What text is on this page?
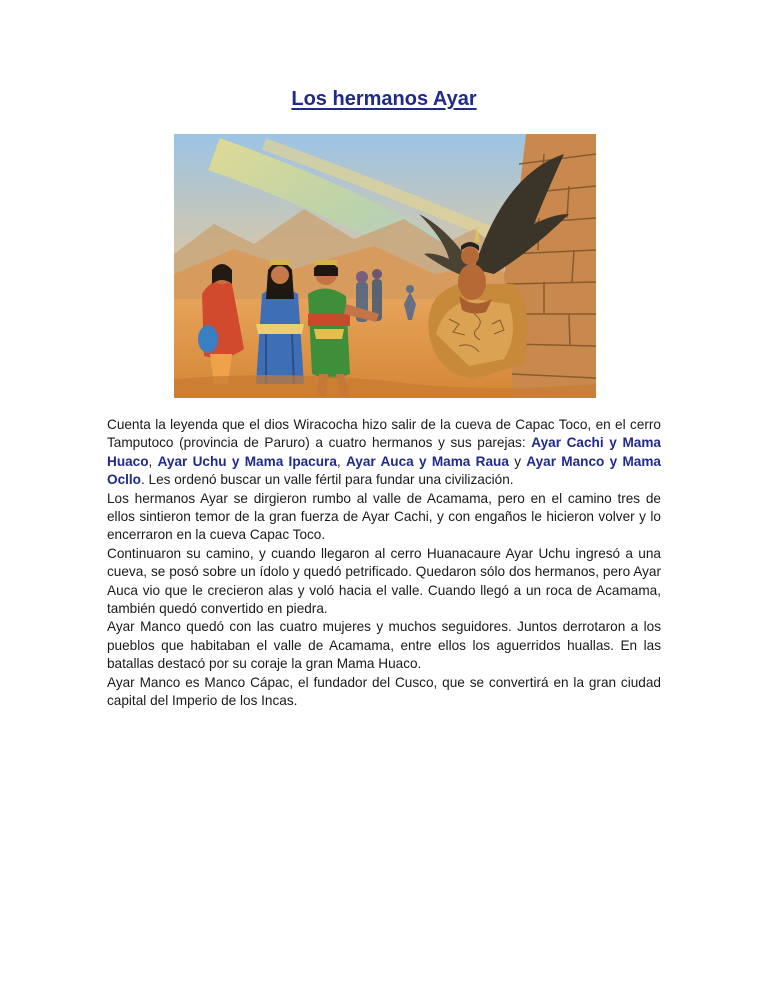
Los hermanos Ayar

Cuenta la leyenda que el dios Wiracocha hizo salir de la cueva de Capac Toco, en el cerro Tamputoco (provincia de Paruro) a cuatro hermanos y sus parejas: Ayar Cachi y Mama Huaco, Ayar Uchu y Mama Ipacura, Ayar Auca y Mama Raua y Ayar Manco y Mama Ocllo. Les ordenó buscar un valle fértil para fundar una civilización.

Los hermanos Ayar se dirgieron rumbo al valle de Acamama, pero en el camino tres de ellos sintieron temor de la gran fuerza de Ayar Cachi, y con engaños le hicieron volver y lo encerraron en la cueva Capac Toco.

Continuaron su camino, y cuando llegaron al cerro Huanacaure Ayar Uchu ingresó a una cueva, se posó sobre un ídolo y quedó petrificado. Quedaron sólo dos hermanos, pero Ayar Auca vio que le crecieron alas y voló hacia el valle. Cuando llegó a un roca de Acamama, también quedó convertido en piedra.

Ayar Manco quedó con las cuatro mujeres y muchos seguidores. Juntos derrotaron a los pueblos que habitaban el valle de Acamama, entre ellos los aguerridos huallas. En las batallas destacó por su coraje la gran Mama Huaco.

Ayar Manco es Manco Cápac, el fundador del Cusco, que se convertirá en la gran ciudad capital del Imperio de los Incas.
